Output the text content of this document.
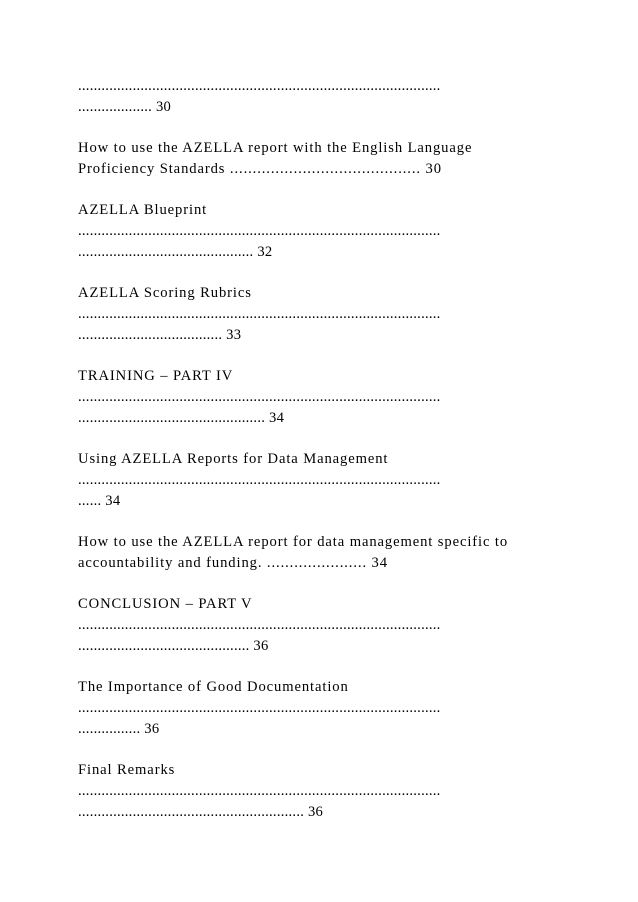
.............................................................................................
................... 30
How to use the AZELLA report with the English Language
Proficiency Standards .......................................... 30
AZELLA Blueprint
.............................................................................................
............................................. 32
AZELLA Scoring Rubrics
.............................................................................................
..................................... 33
TRAINING – PART IV
.............................................................................................
................................................ 34
Using AZELLA Reports for Data Management
.............................................................................................
...... 34
How to use the AZELLA report for data management specific to
accountability and funding. ...................... 34
CONCLUSION – PART V
.............................................................................................
............................................ 36
The Importance of Good Documentation
.............................................................................................
................ 36
Final Remarks
.............................................................................................
.......................................................... 36
